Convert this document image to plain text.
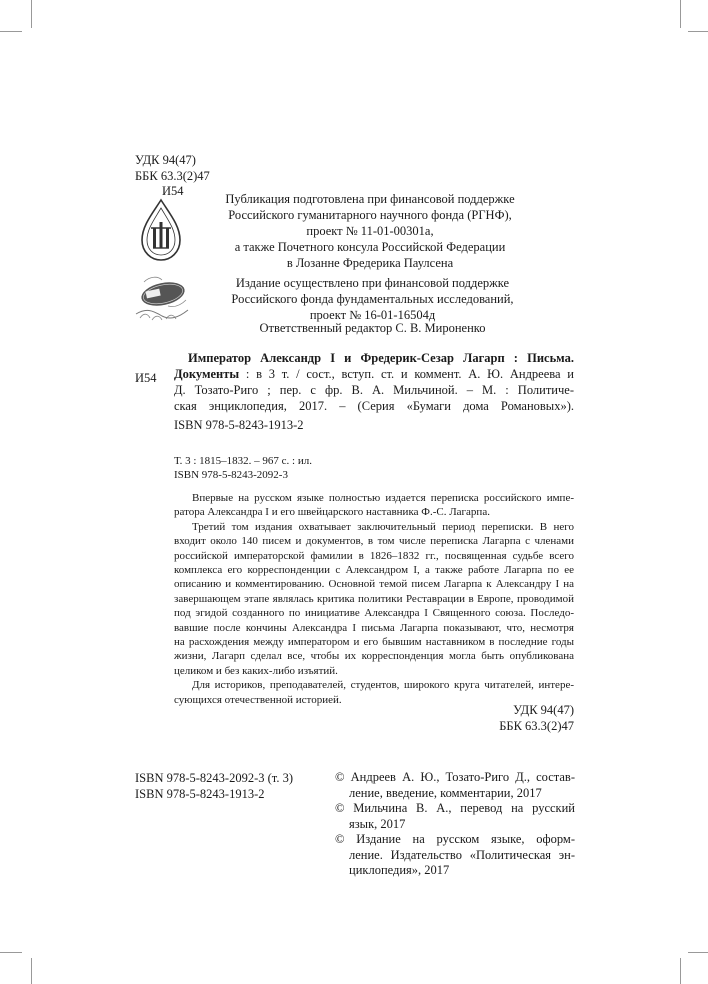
УДК 94(47)
ББК 63.3(2)47
И54
Публикация подготовлена при финансовой поддержке
Российского гуманитарного научного фонда (РГНФ),
проект № 11-01-00301а,
а также Почетного консула Российской Федерации
в Лозанне Фредерика Паулсена
Издание осуществлено при финансовой поддержке
Российского фонда фундаментальных исследований,
проект № 16-01-16504д
Ответственный редактор С. В. Мироненко
И54
Император Александр I и Фредерик-Сезар Лагарп : Письма.
Документы : в 3 т. / сост., вступ. ст. и коммент. А. Ю. Андреева и
Д. Тозато-Риго ; пер. с фр. В. А. Мильчиной. – М. : Политиче-
ская энциклопедия, 2017. – (Серия «Бумаги дома Романовых»).
ISBN 978-5-8243-1913-2
Т. 3 : 1815–1832. – 967 с. : ил.
ISBN 978-5-8243-2092-3

Впервые на русском языке полностью издается переписка российского импе-

ратора Александра I и его швейцарского наставника Ф.-С. Лагарпа.

Третий том издания охватывает заключительный период переписки. В него

входит около 140 писем и документов, в том числе переписка Лагарпа с членами

российской императорской фамилии в 1826–1832 гг., посвященная судьбе всего

комплекса его корреспонденции с Александром I, а также работе Лагарпа по ее

описанию и комментированию. Основной темой писем Лагарпа к Александру I на

завершающем этапе являлась критика политики Реставрации в Европе, проводимой

под эгидой созданного по инициативе Александра I Священного союза. Последо-

вавшие после кончины Александра I письма Лагарпа показывают, что, несмотря

на расхождения между императором и его бывшим наставником в последние годы

жизни, Лагарп сделал все, чтобы их корреспонденция могла быть опубликована

целиком и без каких-либо изъятий.

Для историков, преподавателей, студентов, широкого круга читателей, интере-

сующихся отечественной историей.

УДК 94(47)
ББК 63.3(2)47
ISBN 978-5-8243-2092-3 (т. 3)
ISBN 978-5-8243-1913-2
© Андреев А. Ю., Тозато-Риго Д., состав-
ление, введение, комментарии, 2017
© Мильчина В. А., перевод на русский
язык, 2017
© Издание на русском языке, оформ-
ление. Издательство «Политическая эн-
циклопедия», 2017
